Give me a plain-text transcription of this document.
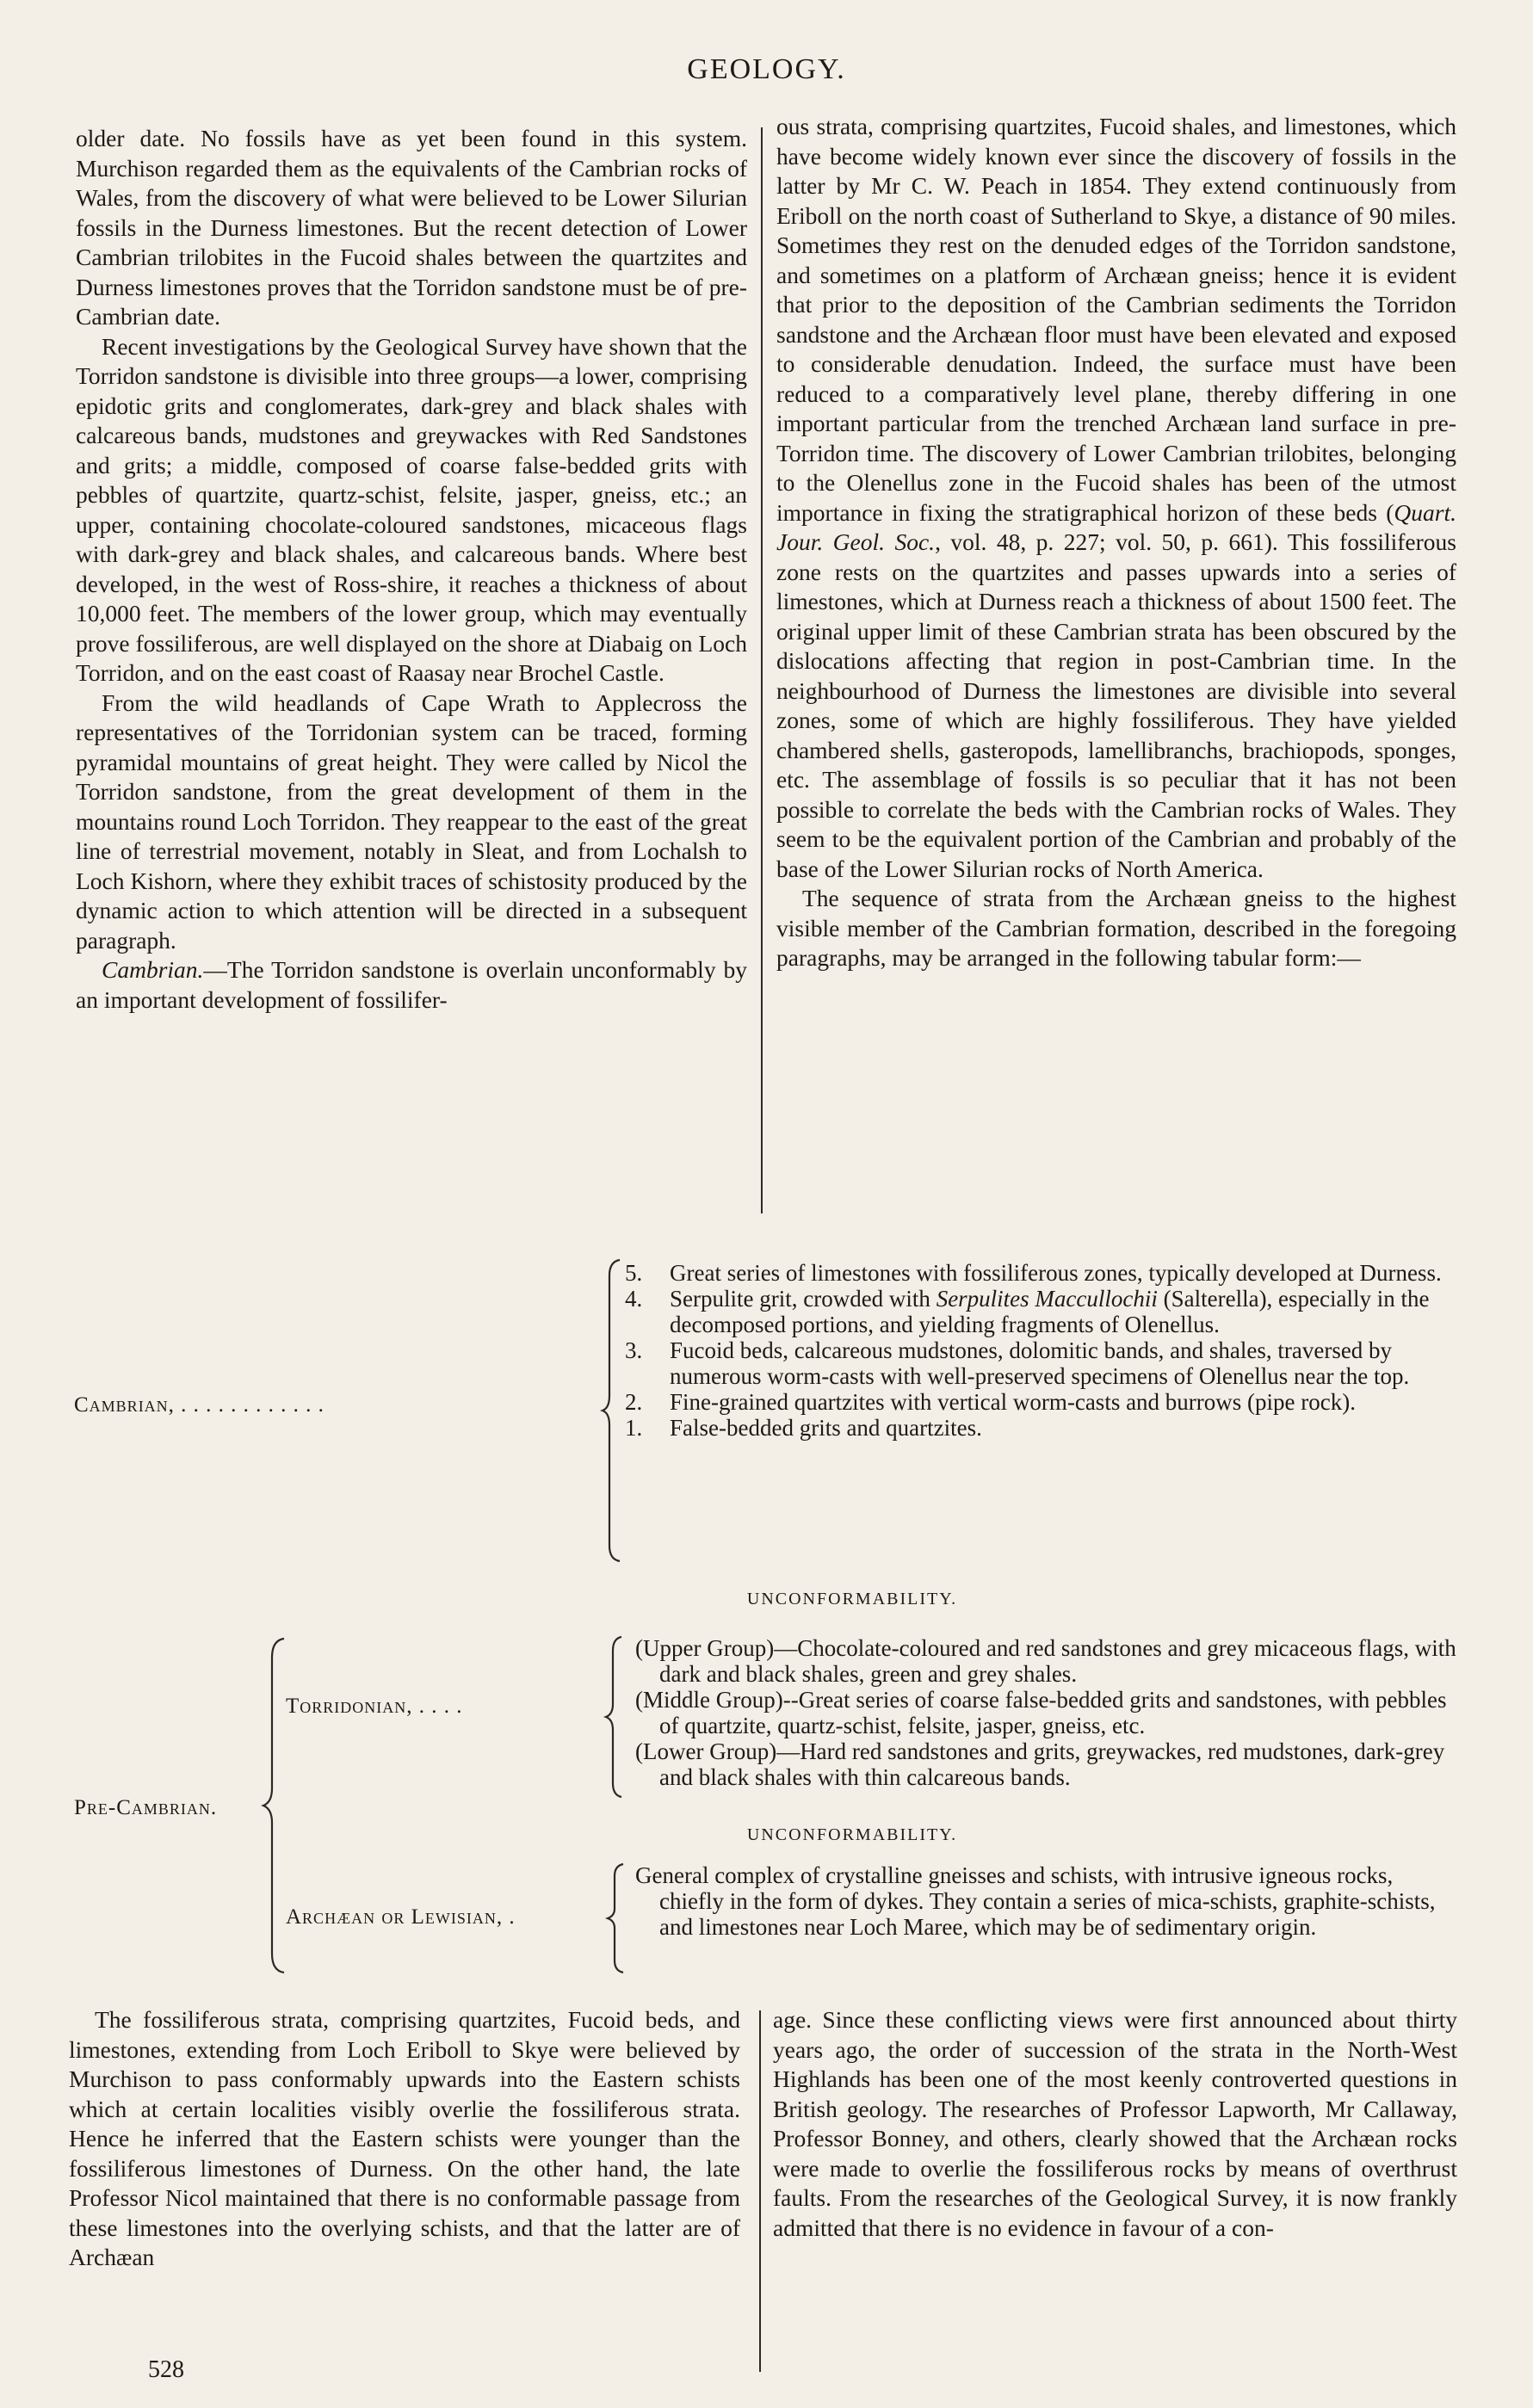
GEOLOGY.

older date. No fossils have as yet been found in this system. Murchison regarded them as the equivalents of the Cambrian rocks of Wales, from the discovery of what were believed to be Lower Silurian fossils in the Durness limestones. But the recent detection of Lower Cambrian trilobites in the Fucoid shales between the quartzites and Durness limestones proves that the Torridon sandstone must be of pre-Cambrian date.

Recent investigations by the Geological Survey have shown that the Torridon sandstone is divisible into three groups—a lower, comprising epidotic grits and conglomerates, dark-grey and black shales with calcareous bands, mudstones and greywackes with Red Sandstones and grits; a middle, composed of coarse false-bedded grits with pebbles of quartzite, quartz-schist, felsite, jasper, gneiss, etc.; an upper, containing chocolate-coloured sandstones, micaceous flags with dark-grey and black shales, and calcareous bands. Where best developed, in the west of Ross-shire, it reaches a thickness of about 10,000 feet. The members of the lower group, which may eventually prove fossiliferous, are well displayed on the shore at Diabaig on Loch Torridon, and on the east coast of Raasay near Brochel Castle.

From the wild headlands of Cape Wrath to Applecross the representatives of the Torridonian system can be traced, forming pyramidal mountains of great height. They were called by Nicol the Torridon sandstone, from the great development of them in the mountains round Loch Torridon. They reappear to the east of the great line of terrestrial movement, notably in Sleat, and from Lochalsh to Loch Kishorn, where they exhibit traces of schistosity produced by the dynamic action to which attention will be directed in a subsequent paragraph.

Cambrian.—The Torridon sandstone is overlain unconformably by an important development of fossilifer-

ous strata, comprising quartzites, Fucoid shales, and limestones, which have become widely known ever since the discovery of fossils in the latter by Mr C. W. Peach in 1854. They extend continuously from Eriboll on the north coast of Sutherland to Skye, a distance of 90 miles. Sometimes they rest on the denuded edges of the Torridon sandstone, and sometimes on a platform of Archæan gneiss; hence it is evident that prior to the deposition of the Cambrian sediments the Torridon sandstone and the Archæan floor must have been elevated and exposed to considerable denudation. Indeed, the surface must have been reduced to a comparatively level plane, thereby differing in one important particular from the trenched Archæan land surface in pre-Torridon time. The discovery of Lower Cambrian trilobites, belonging to the Olenellus zone in the Fucoid shales has been of the utmost importance in fixing the stratigraphical horizon of these beds (Quart. Jour. Geol. Soc., vol. 48, p. 227; vol. 50, p. 661). This fossiliferous zone rests on the quartzites and passes upwards into a series of limestones, which at Durness reach a thickness of about 1500 feet. The original upper limit of these Cambrian strata has been obscured by the dislocations affecting that region in post-Cambrian time. In the neighbourhood of Durness the limestones are divisible into several zones, some of which are highly fossiliferous. They have yielded chambered shells, gasteropods, lamellibranchs, brachiopods, sponges, etc. The assemblage of fossils is so peculiar that it has not been possible to correlate the beds with the Cambrian rocks of Wales. They seem to be the equivalent portion of the Cambrian and probably of the base of the Lower Silurian rocks of North America.

The sequence of strata from the Archæan gneiss to the highest visible member of the Cambrian formation, described in the foregoing paragraphs, may be arranged in the following tabular form:—

Cambrian, . . . . . . . . . . . .

5. Great series of limestones with fossiliferous zones, typically developed at Durness.

4. Serpulite grit, crowded with Serpulites Maccullochii (Salterella), especially in the decomposed portions, and yielding fragments of Olenellus.

3. Fucoid beds, calcareous mudstones, dolomitic bands, and shales, traversed by numerous worm-casts with well-preserved specimens of Olenellus near the top.

2. Fine-grained quartzites with vertical worm-casts and burrows (pipe rock).

1. False-bedded grits and quartzites.

UNCONFORMABILITY.
Pre-Cambrian.
Torridonian, . . . .

(Upper Group)—Chocolate-coloured and red sandstones and grey micaceous flags, with dark and black shales, green and grey shales.

(Middle Group)--Great series of coarse false-bedded grits and sandstones, with pebbles of quartzite, quartz-schist, felsite, jasper, gneiss, etc.

(Lower Group)—Hard red sandstones and grits, greywackes, red mudstones, dark-grey and black shales with thin calcareous bands.

UNCONFORMABILITY.
Archæan or Lewisian, .

General complex of crystalline gneisses and schists, with intrusive igneous rocks, chiefly in the form of dykes. They contain a series of mica-schists, graphite-schists, and limestones near Loch Maree, which may be of sedimentary origin.

The fossiliferous strata, comprising quartzites, Fucoid beds, and limestones, extending from Loch Eriboll to Skye were believed by Murchison to pass conformably upwards into the Eastern schists which at certain localities visibly overlie the fossiliferous strata. Hence he inferred that the Eastern schists were younger than the fossiliferous limestones of Durness. On the other hand, the late Professor Nicol maintained that there is no conformable passage from these limestones into the overlying schists, and that the latter are of Archæan

age. Since these conflicting views were first announced about thirty years ago, the order of succession of the strata in the North-West Highlands has been one of the most keenly controverted questions in British geology. The researches of Professor Lapworth, Mr Callaway, Professor Bonney, and others, clearly showed that the Archæan rocks were made to overlie the fossiliferous rocks by means of overthrust faults. From the researches of the Geological Survey, it is now frankly admitted that there is no evidence in favour of a con-

528
